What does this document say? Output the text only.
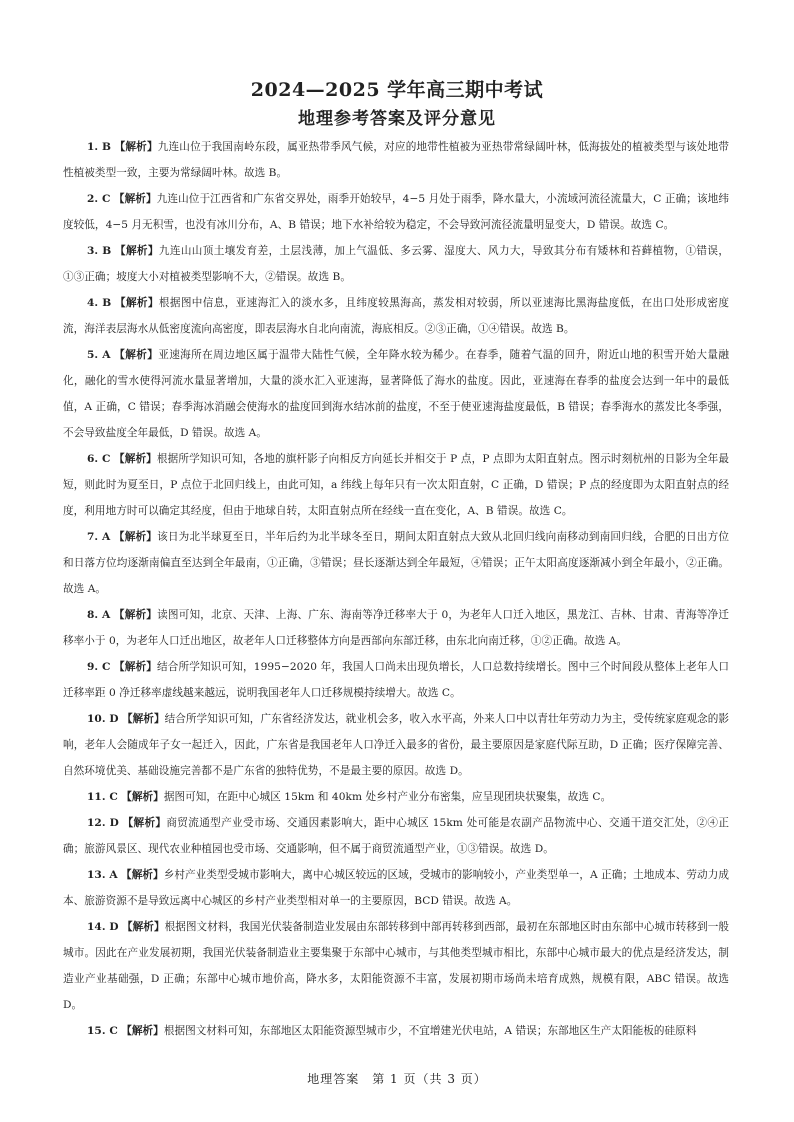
2024—2025 学年高三期中考试
地理参考答案及评分意见

1. B 【解析】九连山位于我国南岭东段，属亚热带季风气候，对应的地带性植被为亚热带常绿阔叶林，低海拔处的植被类型与该处地带性植被类型一致，主要为常绿阔叶林。故选 B。

2. C 【解析】九连山位于江西省和广东省交界处，雨季开始较早，4−5 月处于雨季，降水量大，小流域河流径流量大，C 正确；该地纬度较低，4−5 月无积雪，也没有冰川分布，A、B 错误；地下水补给较为稳定，不会导致河流径流量明显变大，D 错误。故选 C。

3. B 【解析】九连山山顶土壤发育差，土层浅薄，加上气温低、多云雾、湿度大、风力大，导致其分布有矮林和苔藓植物，①错误，①③正确；坡度大小对植被类型影响不大，②错误。故选 B。

4. B 【解析】根据图中信息，亚速海汇入的淡水多，且纬度较黑海高，蒸发相对较弱，所以亚速海比黑海盐度低，在出口处形成密度流，海洋表层海水从低密度流向高密度，即表层海水自北向南流，海底相反。②③正确，①④错误。故选 B。

5. A 【解析】亚速海所在周边地区属于温带大陆性气候，全年降水较为稀少。在春季，随着气温的回升，附近山地的积雪开始大量融化，融化的雪水使得河流水量显著增加，大量的淡水汇入亚速海，显著降低了海水的盐度。因此，亚速海在春季的盐度会达到一年中的最低值，A 正确，C 错误；春季海冰消融会使海水的盐度回到海水结冰前的盐度，不至于使亚速海盐度最低，B 错误；春季海水的蒸发比冬季强，不会导致盐度全年最低，D 错误。故选 A。

6. C 【解析】根据所学知识可知，各地的旗杆影子向相反方向延长并相交于 P 点，P 点即为太阳直射点。图示时刻杭州的日影为全年最短，则此时为夏至日，P 点位于北回归线上，由此可知，a 纬线上每年只有一次太阳直射，C 正确，D 错误；P 点的经度即为太阳直射点的经度，利用地方时可以确定其经度，但由于地球自转，太阳直射点所在经线一直在变化，A、B 错误。故选 C。

7. A 【解析】该日为北半球夏至日，半年后约为北半球冬至日，期间太阳直射点大致从北回归线向南移动到南回归线，合肥的日出方位和日落方位均逐渐南偏直至达到全年最南，①正确，③错误；昼长逐渐达到全年最短，④错误；正午太阳高度逐渐减小到全年最小，②正确。故选 A。

8. A 【解析】读图可知，北京、天津、上海、广东、海南等净迁移率大于 0，为老年人口迁入地区，黑龙江、吉林、甘肃、青海等净迁移率小于 0，为老年人口迁出地区，故老年人口迁移整体方向是西部向东部迁移，由东北向南迁移，①②正确。故选 A。

9. C 【解析】结合所学知识可知，1995−2020 年，我国人口尚未出现负增长，人口总数持续增长。图中三个时间段从整体上老年人口迁移率距 0 净迁移率虚线越来越远，说明我国老年人口迁移规模持续增大。故选 C。

10. D 【解析】结合所学知识可知，广东省经济发达，就业机会多，收入水平高，外来人口中以青壮年劳动力为主，受传统家庭观念的影响，老年人会随成年子女一起迁入，因此，广东省是我国老年人口净迁入最多的省份，最主要原因是家庭代际互助，D 正确；医疗保障完善、自然环境优美、基础设施完善都不是广东省的独特优势，不是最主要的原因。故选 D。

11. C 【解析】据图可知，在距中心城区 15km 和 40km 处乡村产业分布密集，应呈现团块状聚集，故选 C。

12. D 【解析】商贸流通型产业受市场、交通因素影响大，距中心城区 15km 处可能是农副产品物流中心、交通干道交汇处，②④正确；旅游风景区、现代农业种植园也受市场、交通影响，但不属于商贸流通型产业，①③错误。故选 D。

13. A 【解析】乡村产业类型受城市影响大，离中心城区较远的区域，受城市的影响较小，产业类型单一，A 正确；土地成本、劳动力成本、旅游资源不是导致远离中心城区的乡村产业类型相对单一的主要原因，BCD 错误。故选 A。

14. D 【解析】根据图文材料，我国光伏装备制造业发展由东部转移到中部再转移到西部，最初在东部地区时由东部中心城市转移到一般城市。因此在产业发展初期，我国光伏装备制造业主要集聚于东部中心城市，与其他类型城市相比，东部中心城市最大的优点是经济发达，制造业产业基础强，D 正确；东部中心城市地价高，降水多，太阳能资源不丰富，发展初期市场尚未培育成熟，规模有限，ABC 错误。故选 D。

15. C 【解析】根据图文材料可知，东部地区太阳能资源型城市少，不宜增建光伏电站，A 错误；东部地区生产太阳能板的硅原料

地理答案　第 1 页（共 3 页）
